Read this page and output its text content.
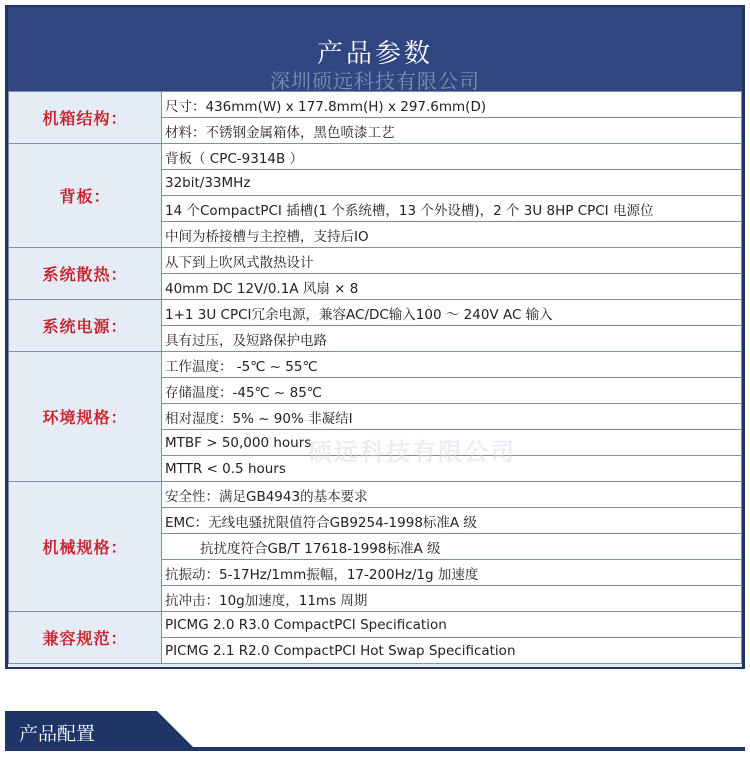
产品参数
深圳硕远科技有限公司
机箱结构：	尺寸：436mm(W) x 177.8mm(H) x 297.6mm(D)
	材料：不锈钢金属箱体，黑色喷漆工艺
背板：	背板（ CPC-9314B ）
	32bit/33MHz
	14 个CompactPCI 插槽(1 个系统槽，13 个外设槽)，2 个 3U 8HP CPCI 电源位
	中间为桥接槽与主控槽，支持后IO
系统散热：	从下到上吹风式散热设计
	40mm DC 12V/0.1A 风扇 × 8
系统电源：	1+1 3U CPCI冗余电源，兼容AC/DC输入100 ～ 240V AC 输入
	具有过压，及短路保护电路
环境规格：	工作温度： -5℃ ~ 55℃
	存储温度：-45℃ ~ 85℃
	相对湿度：5% ~ 90% 非凝结I
	MTBF > 50,000 hours
	MTTR < 0.5 hours
机械规格：	安全性：满足GB4943的基本要求
	EMC：无线电骚扰限值符合GB9254-1998标准A 级
	抗扰度符合GB/T 17618-1998标准A 级
	抗振动：5-17Hz/1mm振幅，17-200Hz/1g 加速度
	抗冲击：10g加速度，11ms 周期
兼容规范：	PICMG 2.0 R3.0 CompactPCI Specification
	PICMG 2.1 R2.0 CompactPCI Hot Swap Specification
硕远科技有限公司
产品配置
